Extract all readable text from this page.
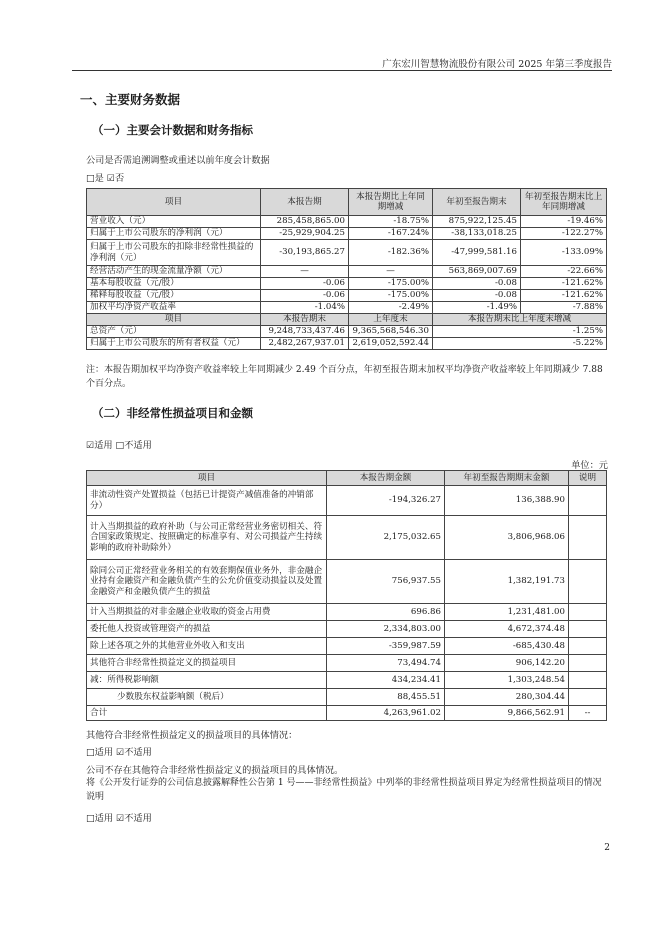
广东宏川智慧物流股份有限公司 2025 年第三季度报告
一、主要财务数据
（一）主要会计数据和财务指标
公司是否需追溯调整或重述以前年度会计数据
□是 ☑否
项目	本报告期	本报告期比上年同期增减	年初至报告期末	年初至报告期末比上年同期增减
营业收入（元）	285,458,865.00	-18.75%	875,922,125.45	-19.46%
归属于上市公司股东的净利润（元）	-25,929,904.25	-167.24%	-38,133,018.25	-122.27%
归属于上市公司股东的扣除非经常性损益的净利润（元）	-30,193,865.27	-182.36%	-47,999,581.16	-133.09%
经营活动产生的现金流量净额（元）	—	—	563,869,007.69	-22.66%
基本每股收益（元/股）	-0.06	-175.00%	-0.08	-121.62%
稀释每股收益（元/股）	-0.06	-175.00%	-0.08	-121.62%
加权平均净资产收益率	-1.04%	-2.49%	-1.49%	-7.88%
项目	本报告期末	上年度末	本报告期末比上年度末增减	
总资产（元）	9,248,733,437.46	9,365,568,546.30	-1.25%	
归属于上市公司股东的所有者权益（元）	2,482,267,937.01	2,619,052,592.44	-5.22%	
注：本报告期加权平均净资产收益率较上年同期减少 2.49 个百分点，年初至报告期末加权平均净资产收益率较上年同期减少 7.88 个百分点。
（二）非经常性损益项目和金额
☑适用 □不适用
单位：元
项目	本报告期金额	年初至报告期期末金额	说明
非流动性资产处置损益（包括已计提资产减值准备的冲销部分）	-194,326.27	136,388.90	
计入当期损益的政府补助（与公司正常经营业务密切相关、符合国家政策规定、按照确定的标准享有、对公司损益产生持续影响的政府补助除外）	2,175,032.65	3,806,968.06	
除同公司正常经营业务相关的有效套期保值业务外，非金融企业持有金融资产和金融负债产生的公允价值变动损益以及处置金融资产和金融负债产生的损益	756,937.55	1,382,191.73	
计入当期损益的对非金融企业收取的资金占用费	696.86	1,231,481.00	
委托他人投资或管理资产的损益	2,334,803.00	4,672,374.48	
除上述各项之外的其他营业外收入和支出	-359,987.59	-685,430.48	
其他符合非经常性损益定义的损益项目	73,494.74	906,142.20	
减：所得税影响额	434,234.41	1,303,248.54	
少数股东权益影响额（税后）	88,455.51	280,304.44	
合计	4,263,961.02	9,866,562.91	--
其他符合非经常性损益定义的损益项目的具体情况：
□适用 ☑不适用
公司不存在其他符合非经常性损益定义的损益项目的具体情况。
将《公开发行证券的公司信息披露解释性公告第 1 号——非经常性损益》中列举的非经常性损益项目界定为经常性损益项目的情况说明
□适用 ☑不适用
2
